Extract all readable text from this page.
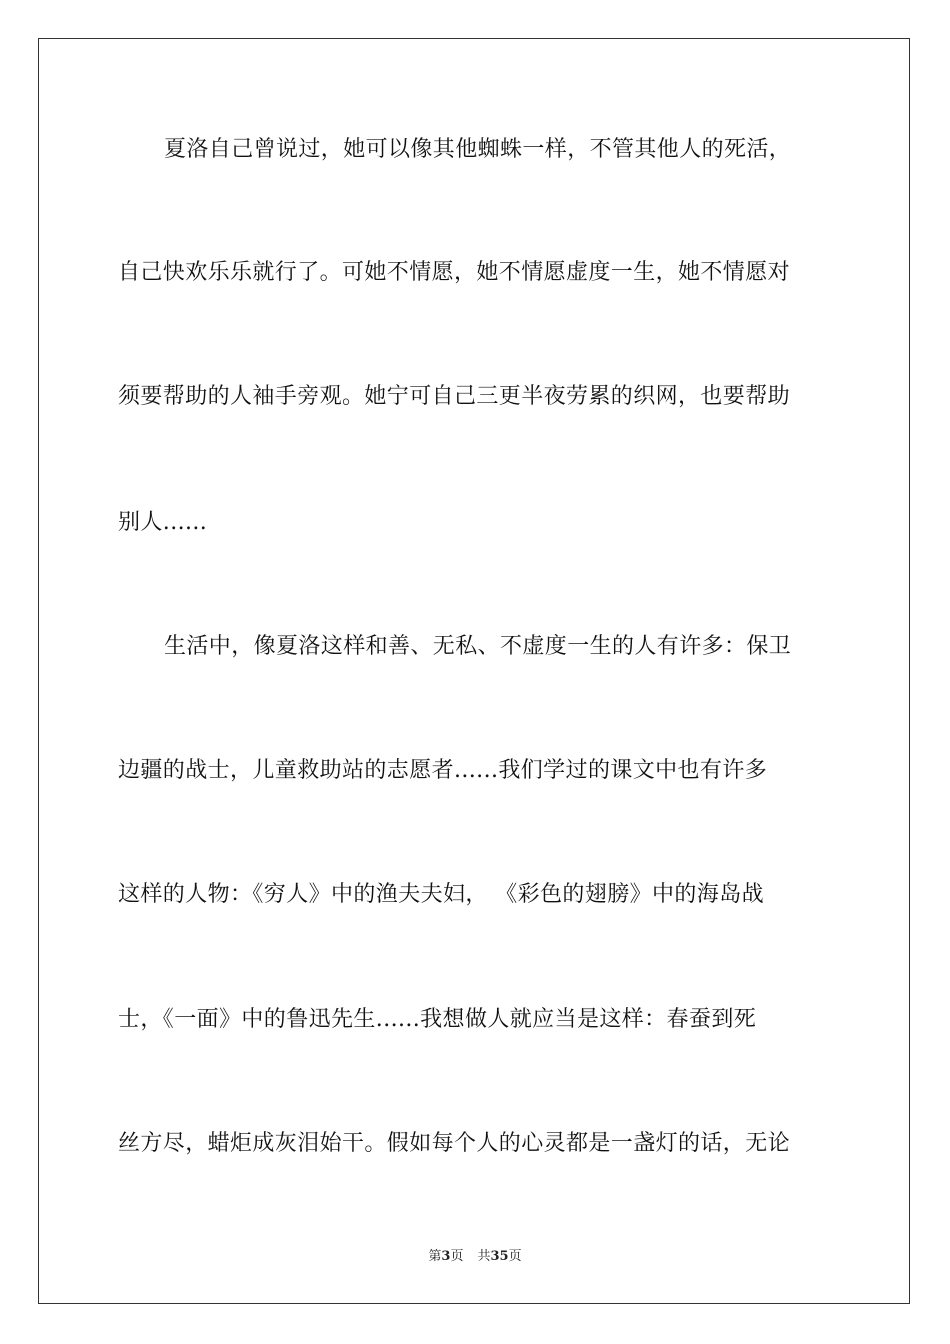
夏洛自己曾说过，她可以像其他蜘蛛一样，不管其他人的死活，
自己快欢乐乐就行了。可她不情愿，她不情愿虚度一生，她不情愿对
须要帮助的人袖手旁观。她宁可自己三更半夜劳累的织网，也要帮助
别人......
生活中，像夏洛这样和善、无私、不虚度一生的人有许多：保卫
边疆的战士，儿童救助站的志愿者......我们学过的课文中也有许多
这样的人物：《穷人》中的渔夫夫妇， 《彩色的翅膀》中的海岛战
士，《一面》中的鲁迅先生......我想做人就应当是这样：春蚕到死
丝方尽，蜡炬成灰泪始干。假如每个人的心灵都是一盏灯的话，无论
第3页 共35页
